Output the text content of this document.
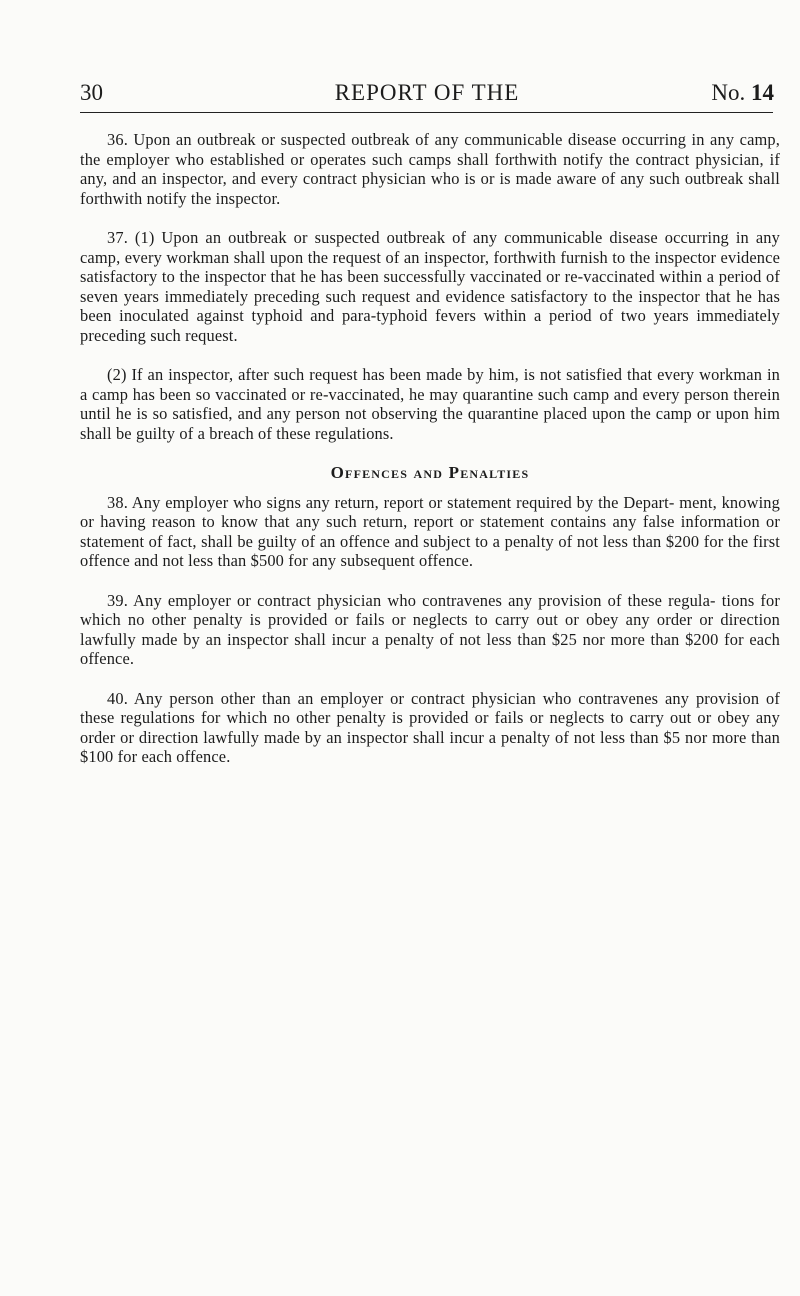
REPORT OF THE
30	No. 14

36. Upon an outbreak or suspected outbreak of any communicable disease occurring in any camp, the employer who established or operates such camps shall forthwith notify the contract physician, if any, and an inspector, and every contract physician who is or is made aware of any such outbreak shall forthwith notify the inspector.

37. (1) Upon an outbreak or suspected outbreak of any communicable disease occurring in any camp, every workman shall upon the request of an inspector, forthwith furnish to the inspector evidence satisfactory to the inspector that he has been successfully vaccinated or re-vaccinated within a period of seven years immediately preceding such request and evidence satisfactory to the inspector that he has been inoculated against typhoid and para-typhoid fevers within a period of two years immediately preceding such request.

(2) If an inspector, after such request has been made by him, is not satisfied that every workman in a camp has been so vaccinated or re-vaccinated, he may quarantine such camp and every person therein until he is so satisfied, and any person not observing the quarantine placed upon the camp or upon him shall be guilty of a breach of these regulations.

Offences and Penalties

38. Any employer who signs any return, report or statement required by the Depart- ment, knowing or having reason to know that any such return, report or statement contains any false information or statement of fact, shall be guilty of an offence and subject to a penalty of not less than $200 for the first offence and not less than $500 for any subsequent offence.

39. Any employer or contract physician who contravenes any provision of these regula- tions for which no other penalty is provided or fails or neglects to carry out or obey any order or direction lawfully made by an inspector shall incur a penalty of not less than $25 nor more than $200 for each offence.

40. Any person other than an employer or contract physician who contravenes any provision of these regulations for which no other penalty is provided or fails or neglects to carry out or obey any order or direction lawfully made by an inspector shall incur a penalty of not less than $5 nor more than $100 for each offence.
